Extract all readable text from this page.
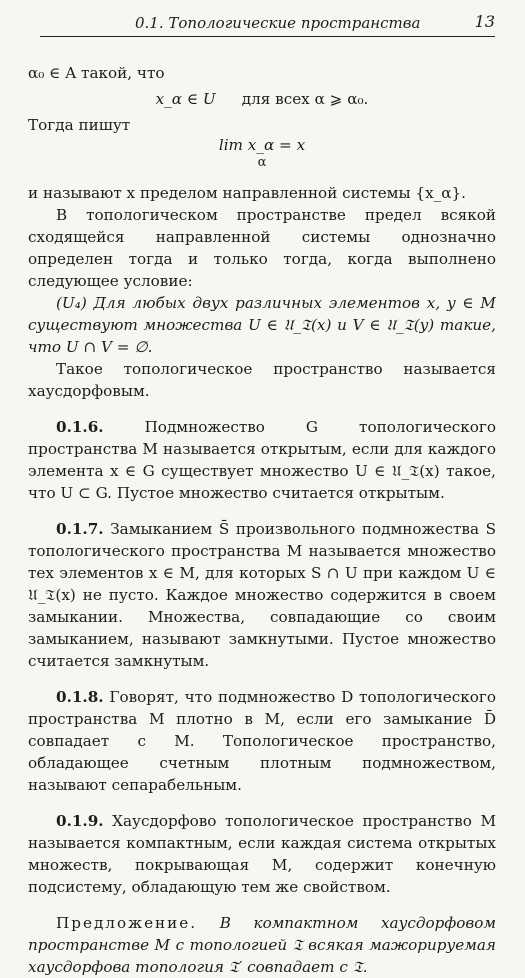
0.1. Топологические пространства	13

α₀ ∈ A такой, что

x_α ∈ U для всех α ⩾ α₀.

Тогда пишут

lim x_α = x
α

и называют x пределом направленной системы {x_α}.

В топологическом пространстве предел всякой сходящейся направленной системы однозначно определен тогда и только тогда, когда выполнено следующее условие:

(U₄) Для любых двух различных элементов x, y ∈ M существуют множества U ∈ 𝔘_𝔗(x) и V ∈ 𝔘_𝔗(y) такие, что U ∩ V = ∅.

Такое топологическое пространство называется хаусдорфовым.

0.1.6.	Подмножество G топологического пространства M называется открытым, если для каждого элемента x ∈ G существует множество U ∈ 𝔘_𝔗(x) такое, что U ⊂ G. Пустое множество считается открытым.

0.1.7. Замыканием S̄ произвольного подмножества S топологического пространства M называется множество тех элементов x ∈ M, для которых S ∩ U при каждом U ∈ 𝔘_𝔗(x) не пусто. Каждое множество содержится в своем замыкании. Множества, совпадающие со своим замыканием, называют замкнутыми. Пустое множество считается замкнутым.

0.1.8. Говорят, что подмножество D топологического пространства M плотно в M, если его замыкание D̄ совпадает с M. Топологическое пространство, обладающее счетным плотным подмножеством, называют сепарабельным.

0.1.9. Хаусдорфово топологическое пространство M называется компактным, если каждая система открытых множеств, покрывающая M, содержит конечную подсистему, обладающую тем же свойством.

Предложение. В компактном хаусдорфовом пространстве M с топологией 𝔗 всякая мажорируемая хаусдорфова топология 𝔗′ совпадает с 𝔗.
